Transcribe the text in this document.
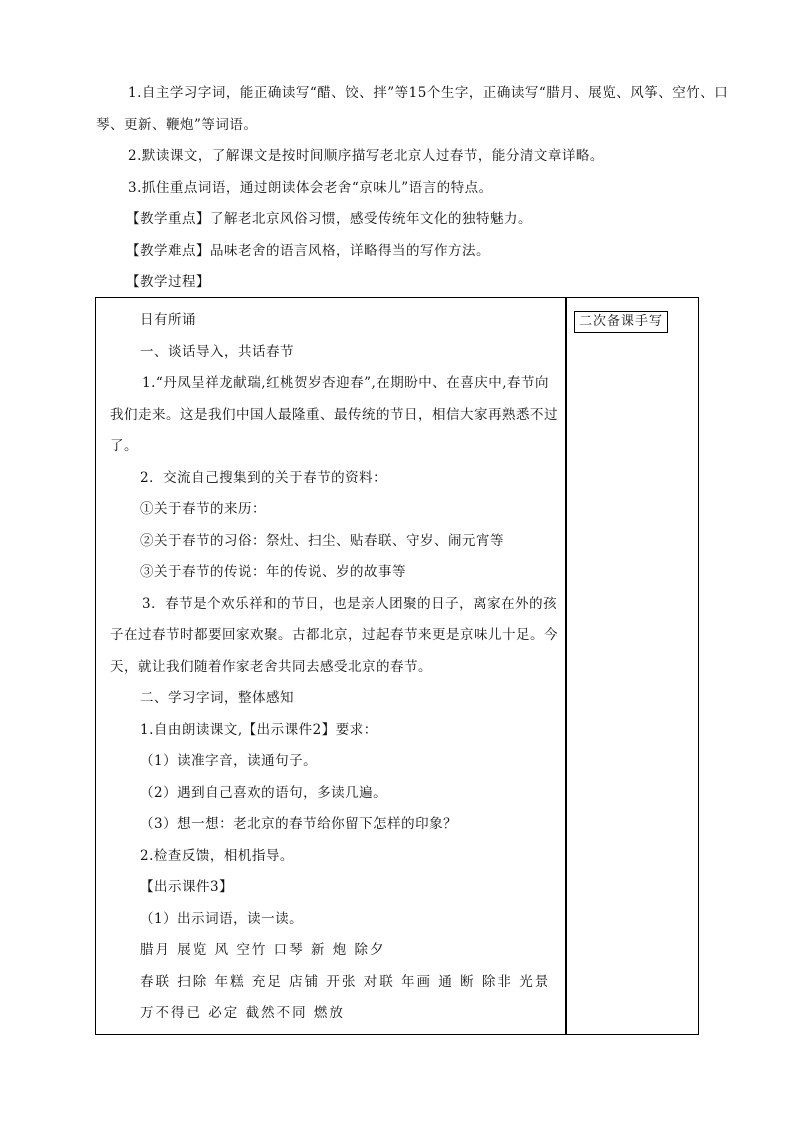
1.自主学习字词，能正确读写“醋、饺、拌”等15个生字，正确读写“腊月、展览、风筝、空竹、口琴、更新、鞭炮”等词语。

2.默读课文，了解课文是按时间顺序描写老北京人过春节，能分清文章详略。

3.抓住重点词语，通过朗读体会老舍“京味儿”语言的特点。

【教学重点】了解老北京风俗习惯，感受传统年文化的独特魅力。

【教学难点】品味老舍的语言风格，详略得当的写作方法。

【教学过程】

日有所诵

一、谈话导入，共话春节

1.“丹凤呈祥龙献瑞,红桃贺岁杏迎春”,在期盼中、在喜庆中,春节向我们走来。这是我们中国人最隆重、最传统的节日，相信大家再熟悉不过了。

2．交流自己搜集到的关于春节的资料：

①关于春节的来历：

②关于春节的习俗：祭灶、扫尘、贴春联、守岁、闹元宵等

③关于春节的传说：年的传说、岁的故事等

3．春节是个欢乐祥和的节日，也是亲人团聚的日子，离家在外的孩子在过春节时都要回家欢聚。古都北京，过起春节来更是京味儿十足。今天，就让我们随着作家老舍共同去感受北京的春节。

二、学习字词，整体感知

1.自由朗读课文,【出示课件2】要求：

（1）读准字音，读通句子。

（2）遇到自己喜欢的语句，多读几遍。

（3）想一想：老北京的春节给你留下怎样的印象？

2.检查反馈，相机指导。

【出示课件3】

（1）出示词语，读一读。

腊月 展览 风 空竹 口琴 新 炮 除夕

春联 扫除 年糕 充足 店铺 开张 对联 年画 通 断 除非 光景 万不得已 必定 截然不同 燃放

二次备课手写
